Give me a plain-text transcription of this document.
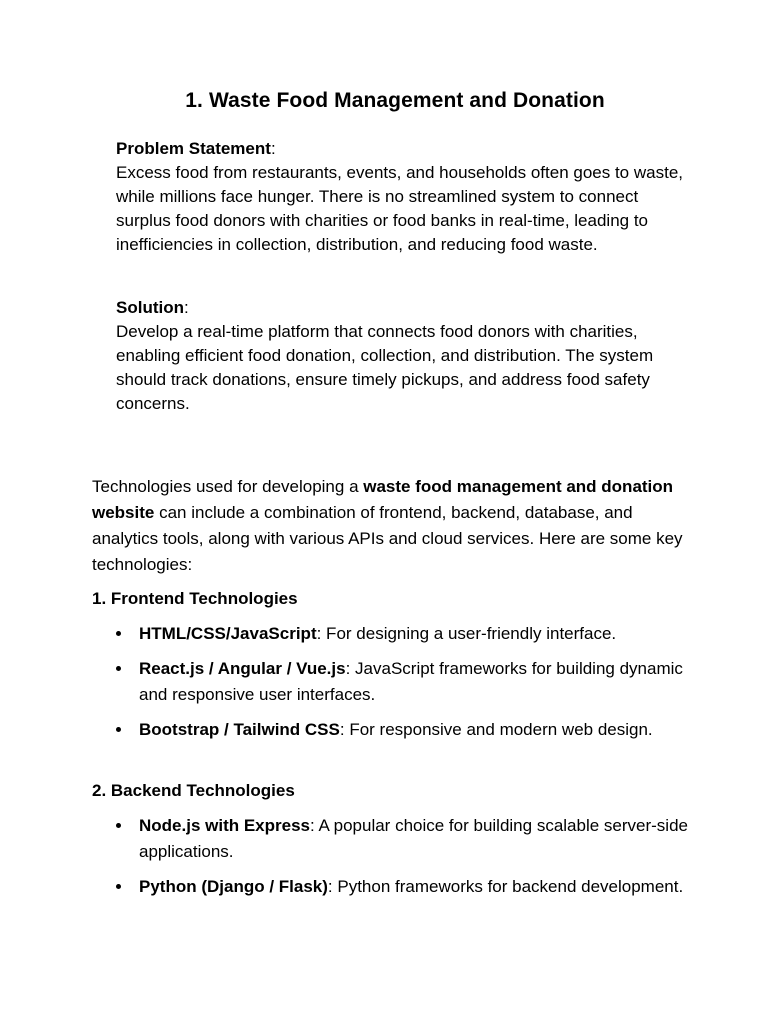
1. Waste Food Management and Donation

Problem Statement:

Excess food from restaurants, events, and households often goes to waste, while millions face hunger. There is no streamlined system to connect surplus food donors with charities or food banks in real-time, leading to inefficiencies in collection, distribution, and reducing food waste.

Solution:

Develop a real-time platform that connects food donors with charities, enabling efficient food donation, collection, and distribution. The system should track donations, ensure timely pickups, and address food safety concerns.

Technologies used for developing a waste food management and donation website can include a combination of frontend, backend, database, and analytics tools, along with various APIs and cloud services. Here are some key technologies:

1. Frontend Technologies
HTML/CSS/JavaScript: For designing a user-friendly interface.
React.js / Angular / Vue.js: JavaScript frameworks for building dynamic and responsive user interfaces.
Bootstrap / Tailwind CSS: For responsive and modern web design.
2. Backend Technologies
Node.js with Express: A popular choice for building scalable server-side applications.
Python (Django / Flask): Python frameworks for backend development.
